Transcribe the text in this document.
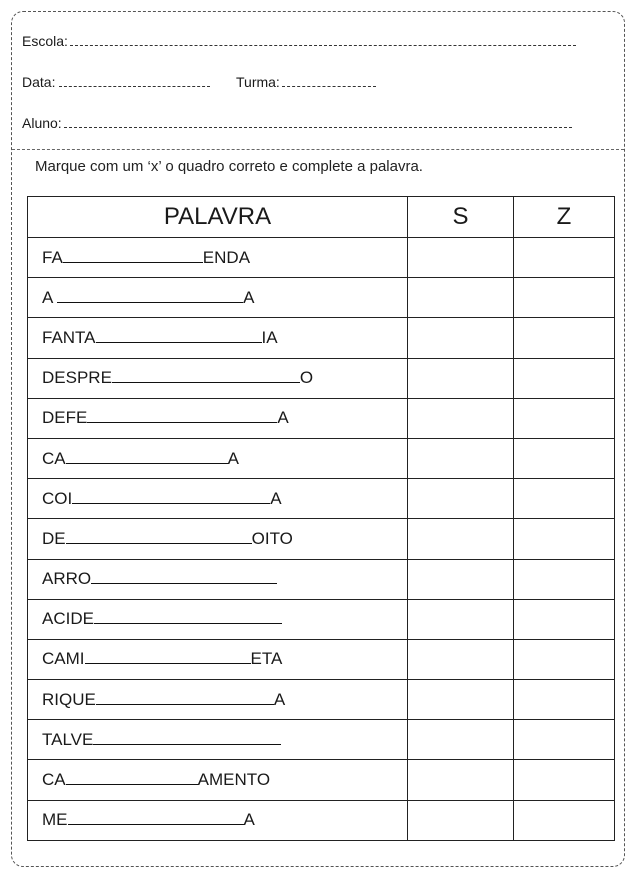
Escola:
Data:	Turma:
Aluno:
Marque com um ‘x’ o quadro correto e complete a palavra.
PALAVRA	S	Z
FA ENDA		
A A		
FANTA IA		
DESPRE O		
DEFE A		
CA A		
COI A		
DE OITO		
ARRO		
ACIDE		
CAMI ETA		
RIQUE A		
TALVE		
CA AMENTO		
ME A		
